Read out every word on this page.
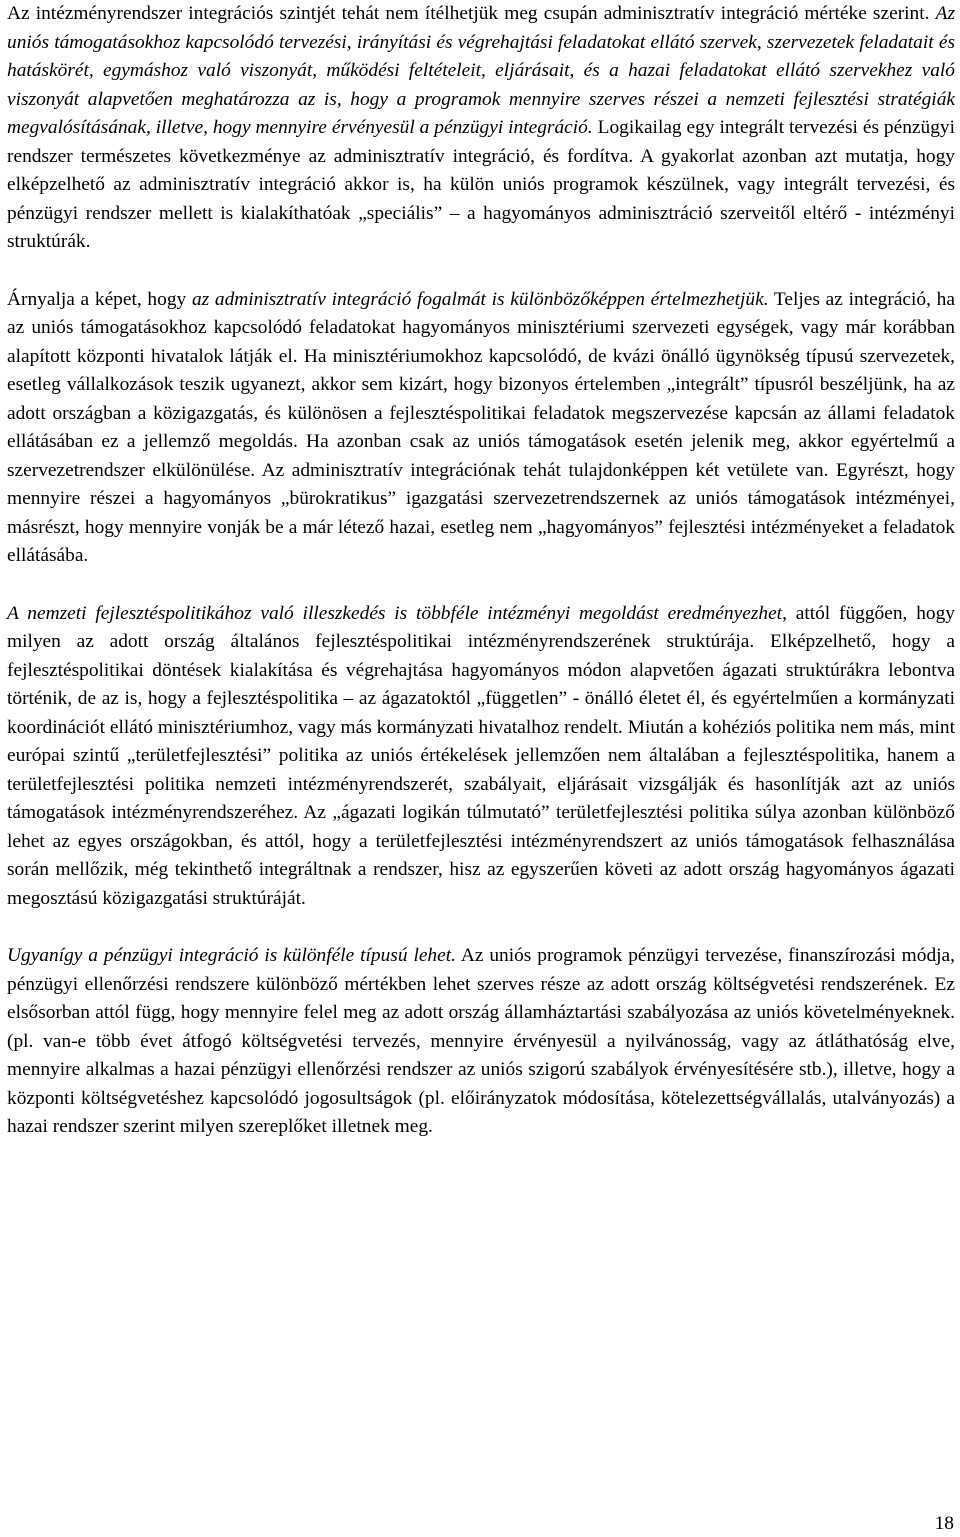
Az intézményrendszer integrációs szintjét tehát nem ítélhetjük meg csupán adminisztratív integráció mértéke szerint. Az uniós támogatásokhoz kapcsolódó tervezési, irányítási és végrehajtási feladatokat ellátó szervek, szervezetek feladatait és hatáskörét, egymáshoz való viszonyát, működési feltételeit, eljárásait, és a hazai feladatokat ellátó szervekhez való viszonyát alapvetően meghatározza az is, hogy a programok mennyire szerves részei a nemzeti fejlesztési stratégiák megvalósításának, illetve, hogy mennyire érvényesül a pénzügyi integráció. Logikailag egy integrált tervezési és pénzügyi rendszer természetes következménye az adminisztratív integráció, és fordítva. A gyakorlat azonban azt mutatja, hogy elképzelhető az adminisztratív integráció akkor is, ha külön uniós programok készülnek, vagy integrált tervezési, és pénzügyi rendszer mellett is kialakíthatóak „speciális” – a hagyományos adminisztráció szerveitől eltérő - intézményi struktúrák.

Árnyalja a képet, hogy az adminisztratív integráció fogalmát is különbözőképpen értelmezhetjük. Teljes az integráció, ha az uniós támogatásokhoz kapcsolódó feladatokat hagyományos minisztériumi szervezeti egységek, vagy már korábban alapított központi hivatalok látják el. Ha minisztériumokhoz kapcsolódó, de kvázi önálló ügynökség típusú szervezetek, esetleg vállalkozások teszik ugyanezt, akkor sem kizárt, hogy bizonyos értelemben „integrált” típusról beszéljünk, ha az adott országban a közigazgatás, és különösen a fejlesztéspolitikai feladatok megszervezése kapcsán az állami feladatok ellátásában ez a jellemző megoldás. Ha azonban csak az uniós támogatások esetén jelenik meg, akkor egyértelmű a szervezetrendszer elkülönülése. Az adminisztratív integrációnak tehát tulajdonképpen két vetülete van. Egyrészt, hogy mennyire részei a hagyományos „bürokratikus” igazgatási szervezetrendszernek az uniós támogatások intézményei, másrészt, hogy mennyire vonják be a már létező hazai, esetleg nem „hagyományos” fejlesztési intézményeket a feladatok ellátásába.

A nemzeti fejlesztéspolitikához való illeszkedés is többféle intézményi megoldást eredményezhet, attól függően, hogy milyen az adott ország általános fejlesztéspolitikai intézményrendszerének struktúrája. Elképzelhető, hogy a fejlesztéspolitikai döntések kialakítása és végrehajtása hagyományos módon alapvetően ágazati struktúrákra lebontva történik, de az is, hogy a fejlesztéspolitika – az ágazatoktól „független” - önálló életet él, és egyértelműen a kormányzati koordinációt ellátó minisztériumhoz, vagy más kormányzati hivatalhoz rendelt. Miután a kohéziós politika nem más, mint európai szintű „területfejlesztési” politika az uniós értékelések jellemzően nem általában a fejlesztéspolitika, hanem a területfejlesztési politika nemzeti intézményrendszerét, szabályait, eljárásait vizsgálják és hasonlítják azt az uniós támogatások intézményrendszeréhez. Az „ágazati logikán túlmutató” területfejlesztési politika súlya azonban különböző lehet az egyes országokban, és attól, hogy a területfejlesztési intézményrendszert az uniós támogatások felhasználása során mellőzik, még tekinthető integráltnak a rendszer, hisz az egyszerűen követi az adott ország hagyományos ágazati megosztású közigazgatási struktúráját.

Ugyanígy a pénzügyi integráció is különféle típusú lehet. Az uniós programok pénzügyi tervezése, finanszírozási módja, pénzügyi ellenőrzési rendszere különböző mértékben lehet szerves része az adott ország költségvetési rendszerének. Ez elsősorban attól függ, hogy mennyire felel meg az adott ország államháztartási szabályozása az uniós követelményeknek. (pl. van-e több évet átfogó költségvetési tervezés, mennyire érvényesül a nyilvánosság, vagy az átláthatóság elve, mennyire alkalmas a hazai pénzügyi ellenőrzési rendszer az uniós szigorú szabályok érvényesítésére stb.), illetve, hogy a központi költségvetéshez kapcsolódó jogosultságok (pl. előirányzatok módosítása, kötelezettségvállalás, utalványozás) a hazai rendszer szerint milyen szereplőket illetnek meg.

18
